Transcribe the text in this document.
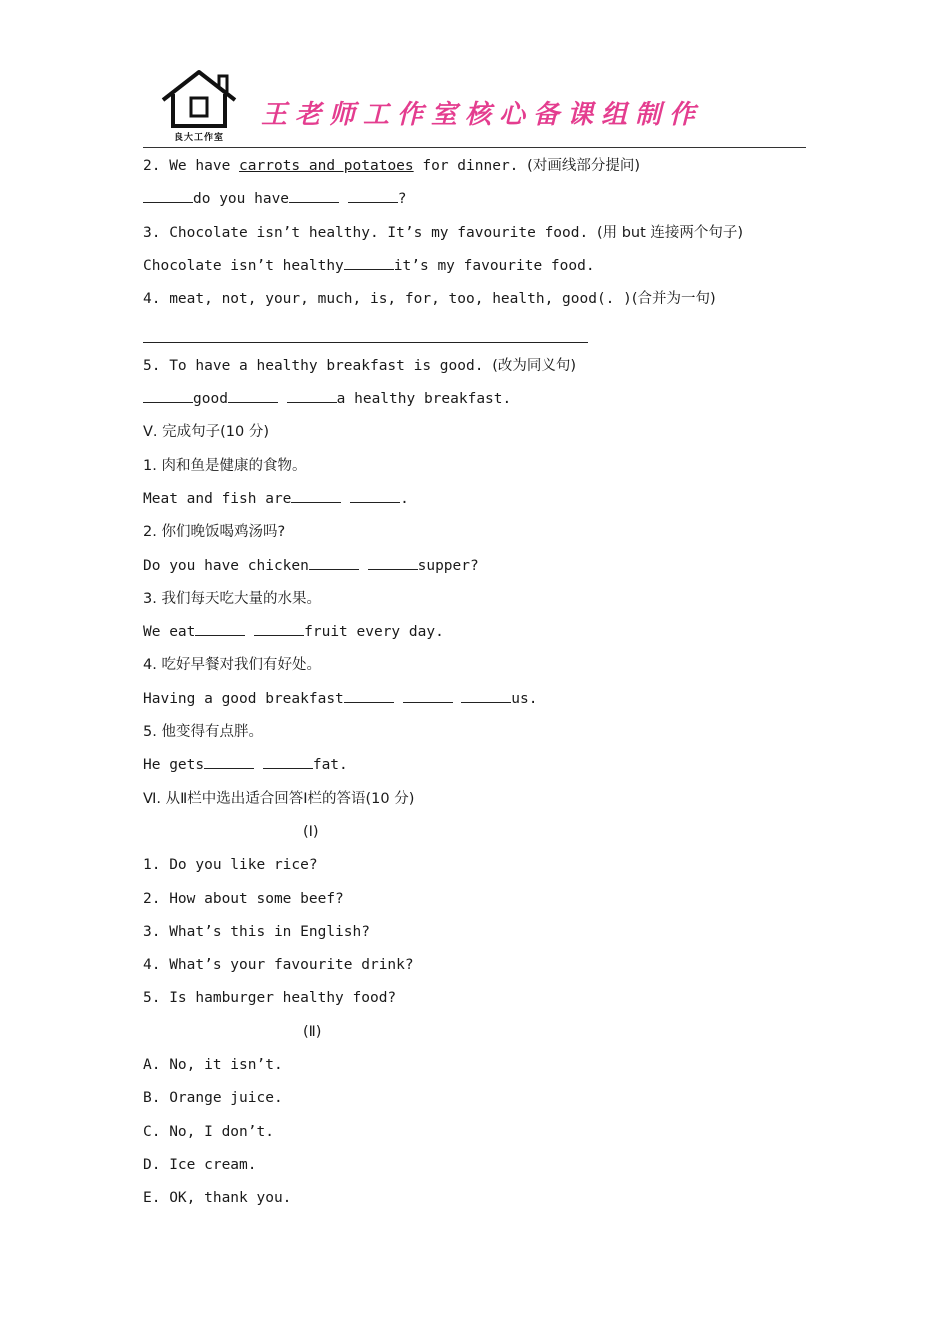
良大工作室
王老师工作室核心备课组制作
2. We have carrots and potatoes for dinner. (对画线部分提问)
do you have	?
3. Chocolate isn’t healthy. It’s my favourite food. (用 but 连接两个句子)
Chocolate isn’t healthy	it’s my favourite food.
4. meat, not, your, much, is, for, too, health, good(. )(合并为一句)
5. To have a healthy breakfast is good. (改为同义句)
good	a healthy breakfast.
Ⅴ. 完成句子(10 分)
1. 肉和鱼是健康的食物。
Meat and fish are	.
2. 你们晚饭喝鸡汤吗?
Do you have chicken	supper?
3. 我们每天吃大量的水果。
We eat	fruit every day.
4. 吃好早餐对我们有好处。
Having a good breakfast	us.
5. 他变得有点胖。
He gets	fat.
Ⅵ. 从Ⅱ栏中选出适合回答Ⅰ栏的答语(10 分)
(Ⅰ)
1. Do you like rice?
2. How about some beef?
3. What’s this in English?
4. What’s your favourite drink?
5. Is hamburger healthy food?
(Ⅱ)
A. No, it isn’t.
B. Orange juice.
C. No, I don’t.
D. Ice cream.
E. OK, thank you.
